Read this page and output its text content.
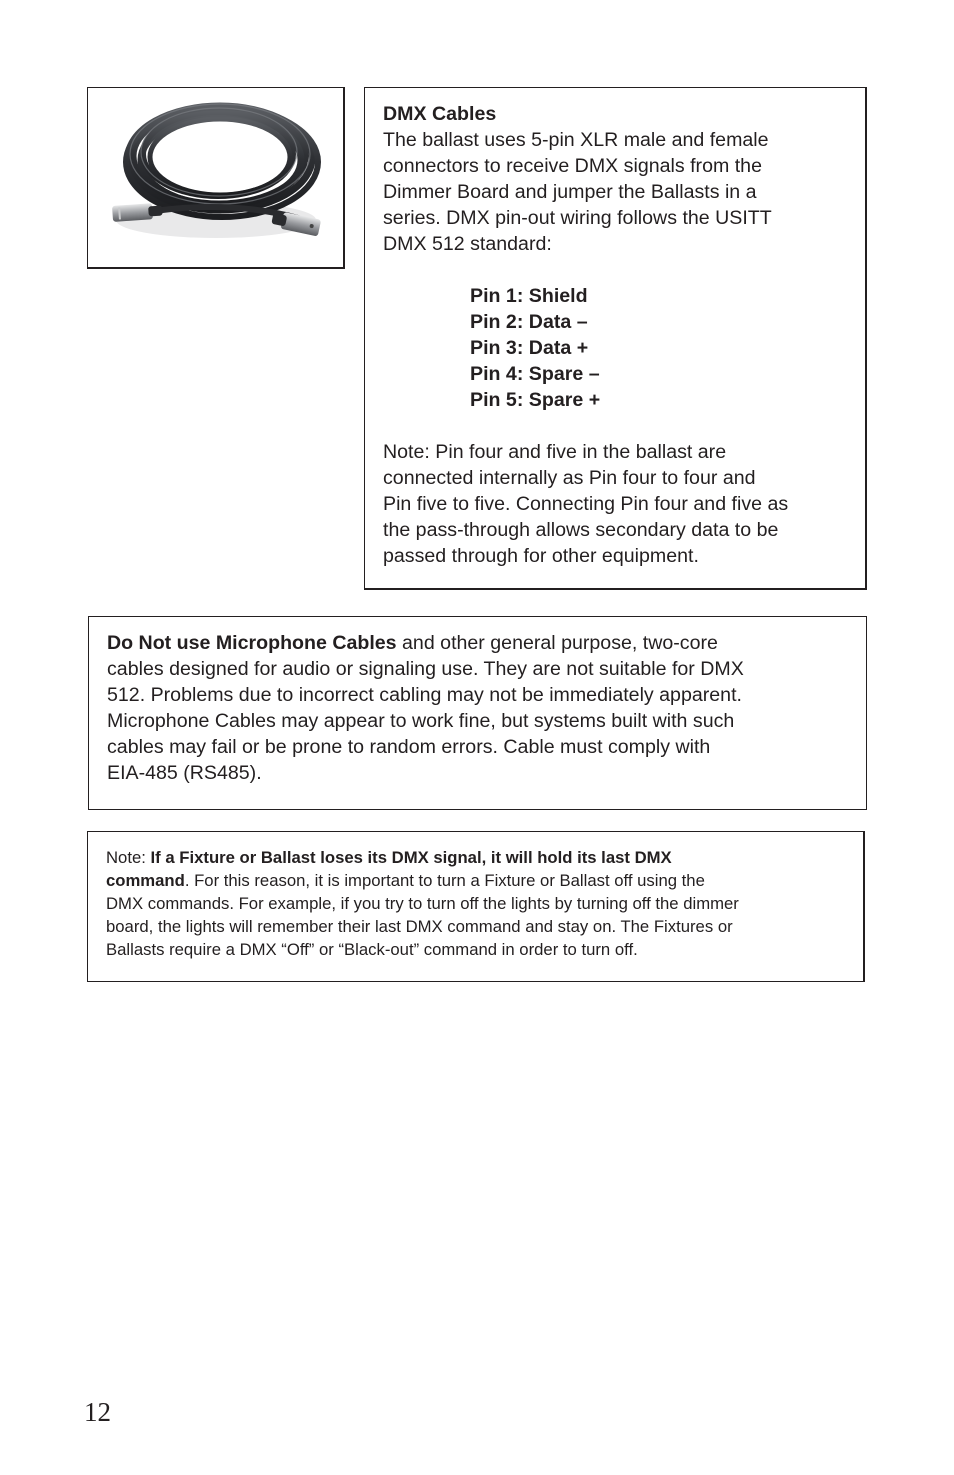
DMX Cables

The ballast uses 5-pin XLR male and female

connectors to receive DMX signals from the

Dimmer Board and jumper the Ballasts in a

series. DMX pin-out wiring follows the USITT

DMX 512 standard:

Pin 1: Shield
Pin 2: Data –
Pin 3: Data +
Pin 4: Spare –
Pin 5: Spare +

Note: Pin four and five in the ballast are

connected internally as Pin four to four and

Pin five to five. Connecting Pin four and five as

the pass-through allows secondary data to be

passed through for other equipment.

Do Not use Microphone Cables and other general purpose, two-core

cables designed for audio or signaling use. They are not suitable for DMX

512. Problems due to incorrect cabling may not be immediately apparent.

Microphone Cables may appear to work fine, but systems built with such

cables may fail or be prone to random errors. Cable must comply with

EIA-485 (RS485).

Note: If a Fixture or Ballast loses its DMX signal, it will hold its last DMX

command. For this reason, it is important to turn a Fixture or Ballast off using the

DMX commands. For example, if you try to turn off the lights by turning off the dimmer

board, the lights will remember their last DMX command and stay on. The Fixtures or

Ballasts require a DMX “Off” or “Black-out” command in order to turn off.

12
